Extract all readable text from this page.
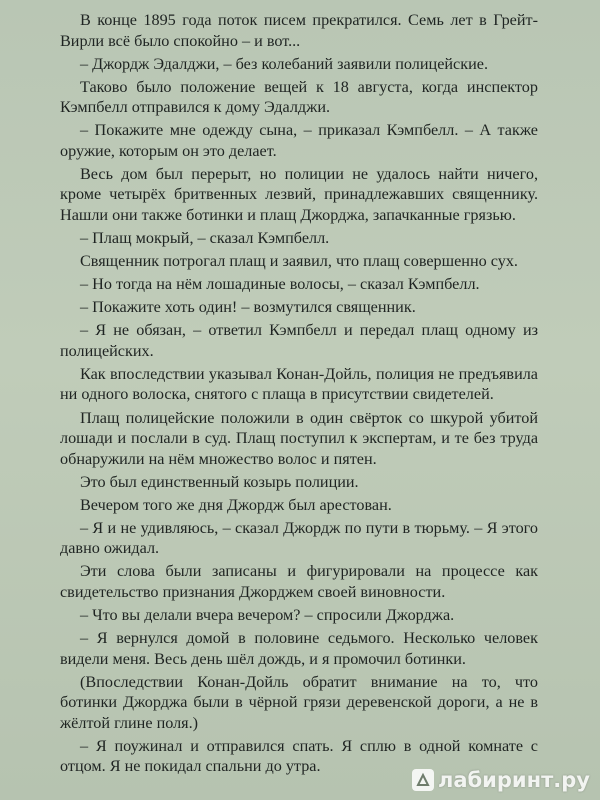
В конце 1895 года поток писем прекратился. Семь лет в Грейт-Вирли всё было спокойно – и вот...

– Джордж Эдалджи, – без колебаний заявили полицейские.

Таково было положение вещей к 18 августа, когда инспектор Кэмпбелл отправился к дому Эдалджи.

– Покажите мне одежду сына, – приказал Кэмпбелл. – А также оружие, которым он это делает.

Весь дом был перерыт, но полиции не удалось найти ничего, кроме четырёх бритвенных лезвий, принадлежавших священнику. Нашли они также ботинки и плащ Джорджа, запачканные грязью.

– Плащ мокрый, – сказал Кэмпбелл.

Священник потрогал плащ и заявил, что плащ совершенно сух.

– Но тогда на нём лошадиные волосы, – сказал Кэмпбелл.

– Покажите хоть один! – возмутился священник.

– Я не обязан, – ответил Кэмпбелл и передал плащ одному из полицейских.

Как впоследствии указывал Конан-Дойль, полиция не предъявила ни одного волоска, снятого с плаща в присутствии свидетелей.

Плащ полицейские положили в один свёрток со шкурой убитой лошади и послали в суд. Плащ поступил к экспертам, и те без труда обнаружили на нём множество волос и пятен.

Это был единственный козырь полиции.

Вечером того же дня Джордж был арестован.

– Я и не удивляюсь, – сказал Джордж по пути в тюрьму. – Я этого давно ожидал.

Эти слова были записаны и фигурировали на процессе как свидетельство признания Джорджем своей виновности.

– Что вы делали вчера вечером? – спросили Джорджа.

– Я вернулся домой в половине седьмого. Несколько человек видели меня. Весь день шёл дождь, и я промочил ботинки.

(Впоследствии Конан-Дойль обратит внимание на то, что ботинки Джорджа были в чёрной грязи деревенской дороги, а не в жёлтой глине поля.)

– Я поужинал и отправился спать. Я сплю в одной комнате с отцом. Я не покидал спальни до утра.

лабиринт.ру
